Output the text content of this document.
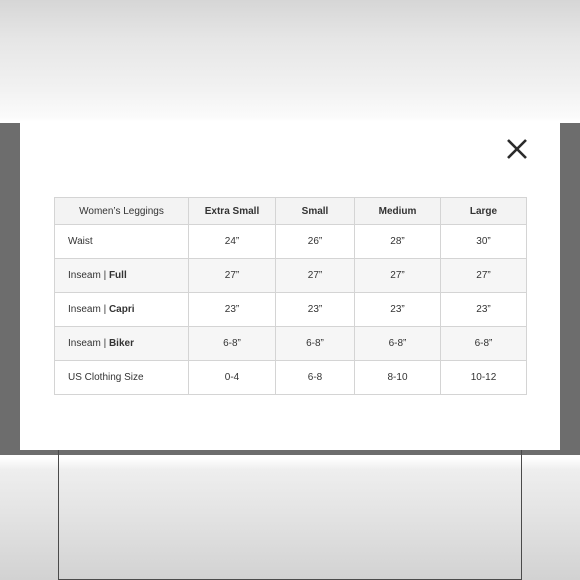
Women’s Leggings	Extra Small	Small	Medium	Large
Waist	24”	26”	28”	30”
Inseam | Full	27”	27”	27”	27”
Inseam | Capri	23”	23”	23”	23”
Inseam | Biker	6-8”	6-8”	6-8”	6-8”
US Clothing Size	0-4	6-8	8-10	10-12
